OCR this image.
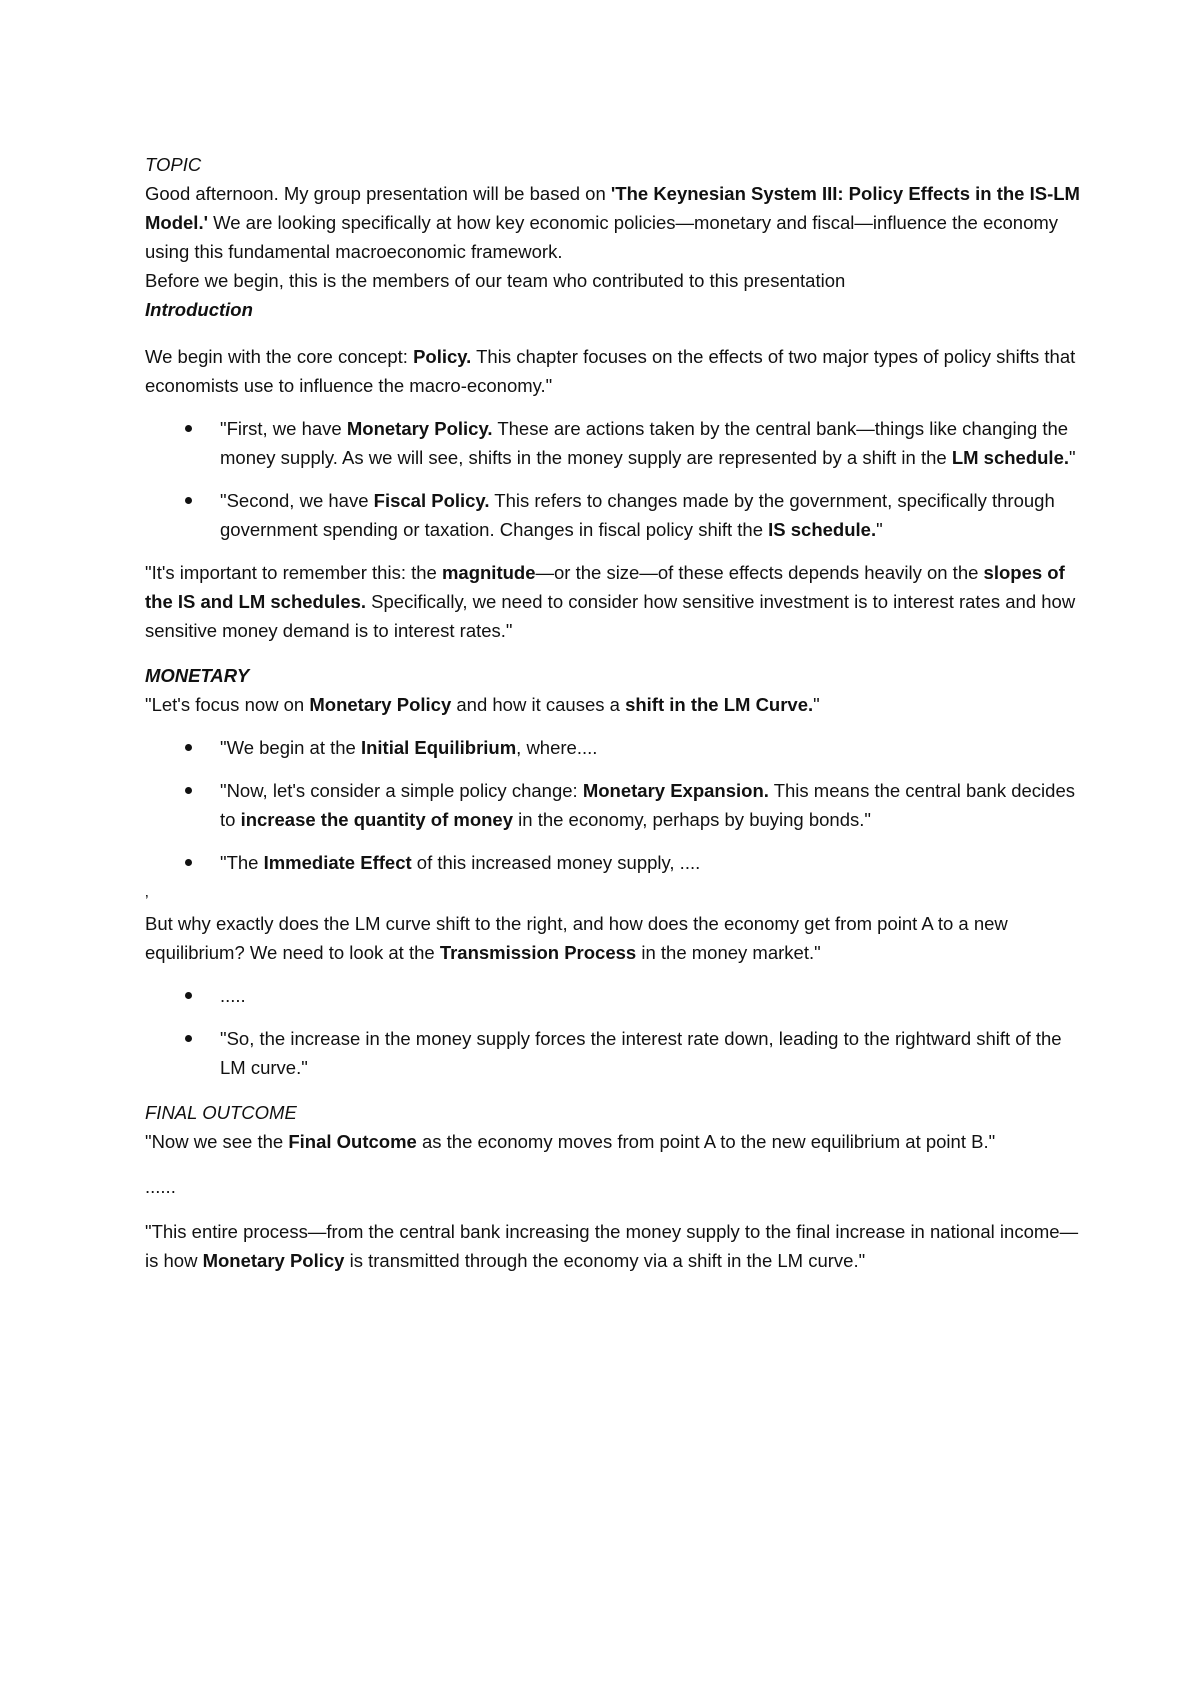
TOPIC

Good afternoon. My group presentation will be based on 'The Keynesian System III: Policy Effects in the IS-LM Model.' We are looking specifically at how key economic policies—monetary and fiscal—influence the economy using this fundamental macroeconomic framework.

Before we begin, this is the members of our team who contributed to this presentation

Introduction

We begin with the core concept: Policy. This chapter focuses on the effects of two major types of policy shifts that economists use to influence the macro-economy."

"First, we have Monetary Policy. These are actions taken by the central bank—things like changing the money supply. As we will see, shifts in the money supply are represented by a shift in the LM schedule."
"Second, we have Fiscal Policy. This refers to changes made by the government, specifically through government spending or taxation. Changes in fiscal policy shift the IS schedule."

"It's important to remember this: the magnitude—or the size—of these effects depends heavily on the slopes of the IS and LM schedules. Specifically, we need to consider how sensitive investment is to interest rates and how sensitive money demand is to interest rates."

MONETARY

"Let's focus now on Monetary Policy and how it causes a shift in the LM Curve."

"We begin at the Initial Equilibrium, where....
"Now, let's consider a simple policy change: Monetary Expansion. This means the central bank decides to increase the quantity of money in the economy, perhaps by buying bonds."
"The Immediate Effect of this increased money supply, ....

’

But why exactly does the LM curve shift to the right, and how does the economy get from point A to a new equilibrium? We need to look at the Transmission Process in the money market."

.....
"So, the increase in the money supply forces the interest rate down, leading to the rightward shift of the LM curve."

FINAL OUTCOME

"Now we see the Final Outcome as the economy moves from point A to the new equilibrium at point B."

......

"This entire process—from the central bank increasing the money supply to the final increase in national income—is how Monetary Policy is transmitted through the economy via a shift in the LM curve."
